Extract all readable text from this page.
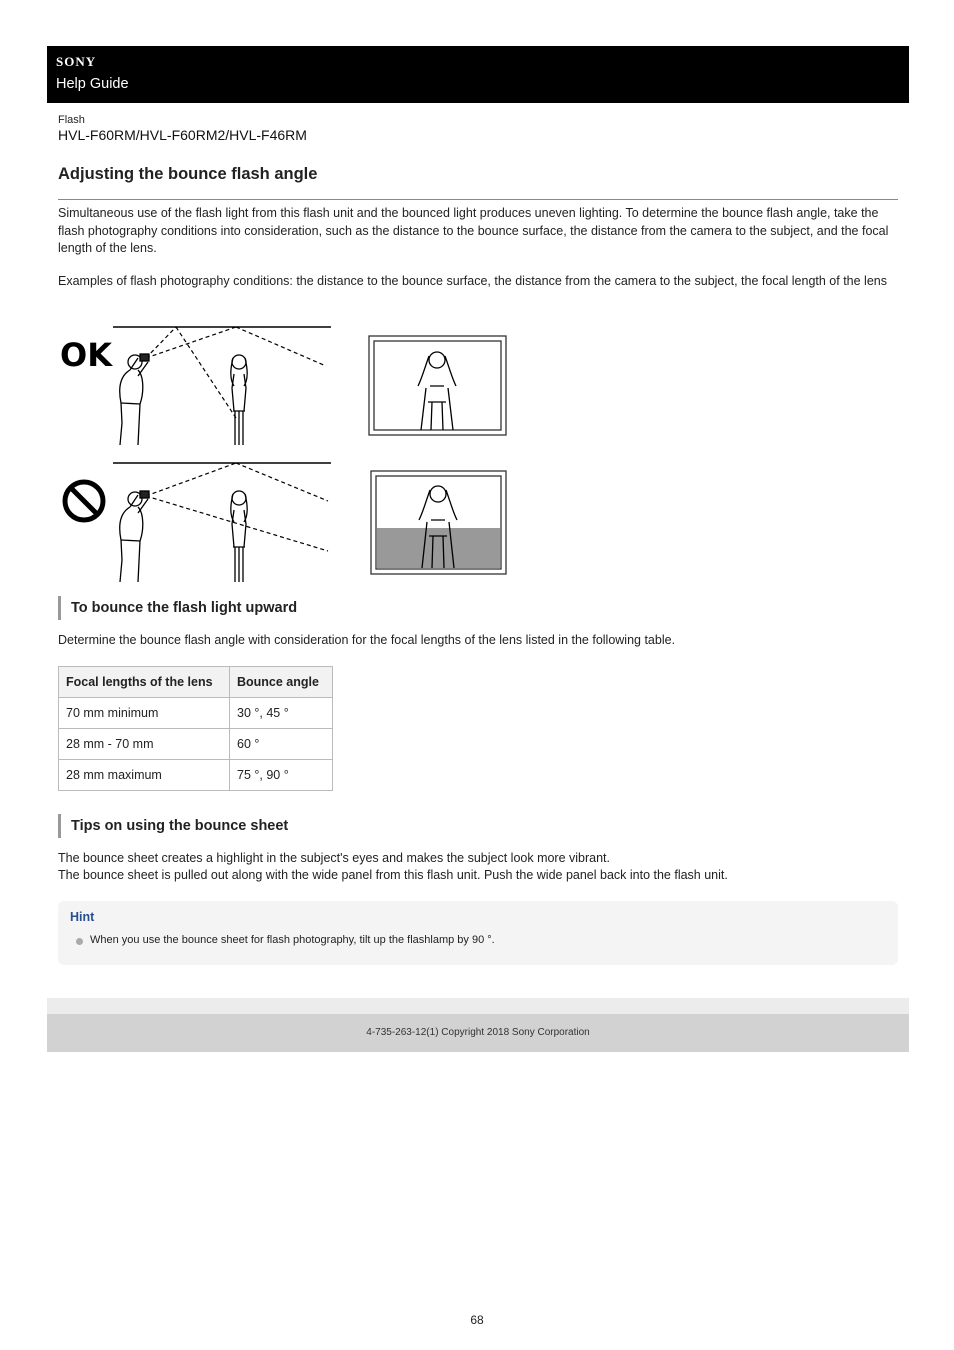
SONY
Help Guide
Flash
HVL-F60RM/HVL-F60RM2/HVL-F46RM
Adjusting the bounce flash angle

Simultaneous use of the flash light from this flash unit and the bounced light produces uneven lighting. To determine the bounce flash angle, take the flash photography conditions into consideration, such as the distance to the bounce surface, the distance from the camera to the subject, and the focal length of the lens.

Examples of flash photography conditions: the distance to the bounce surface, the distance from the camera to the subject, the focal length of the lens

OK
To bounce the flash light upward

Determine the bounce flash angle with consideration for the focal lengths of the lens listed in the following table.

Focal lengths of the lens	Bounce angle
70 mm minimum	30 °, 45 °
28 mm - 70 mm	60 °
28 mm maximum	75 °, 90 °
Tips on using the bounce sheet

The bounce sheet creates a highlight in the subject's eyes and makes the subject look more vibrant.

The bounce sheet is pulled out along with the wide panel from this flash unit. Push the wide panel back into the flash unit.

Hint
When you use the bounce sheet for flash photography, tilt up the flashlamp by 90 °.
4-735-263-12(1) Copyright 2018 Sony Corporation
68
